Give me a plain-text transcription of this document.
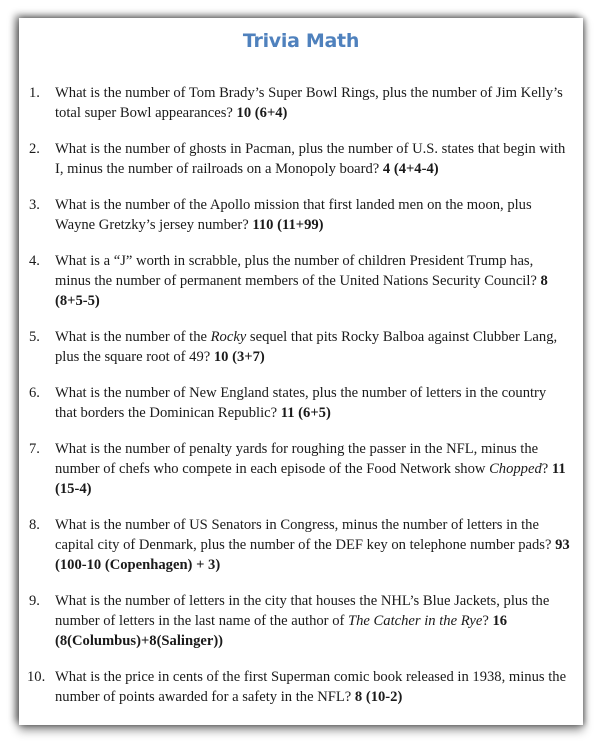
Trivia Math
1.	What is the number of Tom Brady’s Super Bowl Rings, plus the number of Jim Kelly’s total super Bowl appearances? 10 (6+4)
2.	What is the number of ghosts in Pacman, plus the number of U.S. states that begin with I, minus the number of railroads on a Monopoly board? 4 (4+4-4)
3.	What is the number of the Apollo mission that first landed men on the moon, plus Wayne Gretzky’s jersey number? 110 (11+99)
4.	What is a “J” worth in scrabble, plus the number of children President Trump has, minus the number of permanent members of the United Nations Security Council? 8 (8+5-5)
5.	What is the number of the Rocky sequel that pits Rocky Balboa against Clubber Lang, plus the square root of 49? 10 (3+7)
6.	What is the number of New England states, plus the number of letters in the country that borders the Dominican Republic? 11 (6+5)
7.	What is the number of penalty yards for roughing the passer in the NFL, minus the number of chefs who compete in each episode of the Food Network show Chopped? 11 (15-4)
8.	What is the number of US Senators in Congress, minus the number of letters in the capital city of Denmark, plus the number of the DEF key on telephone number pads? 93 (100-10 (Copenhagen) + 3)
9.	What is the number of letters in the city that houses the NHL’s Blue Jackets, plus the number of letters in the last name of the author of The Catcher in the Rye? 16 (8(Columbus)+8(Salinger))
10. What is the price in cents of the first Superman comic book released in 1938, minus the number of points awarded for a safety in the NFL? 8 (10-2)
